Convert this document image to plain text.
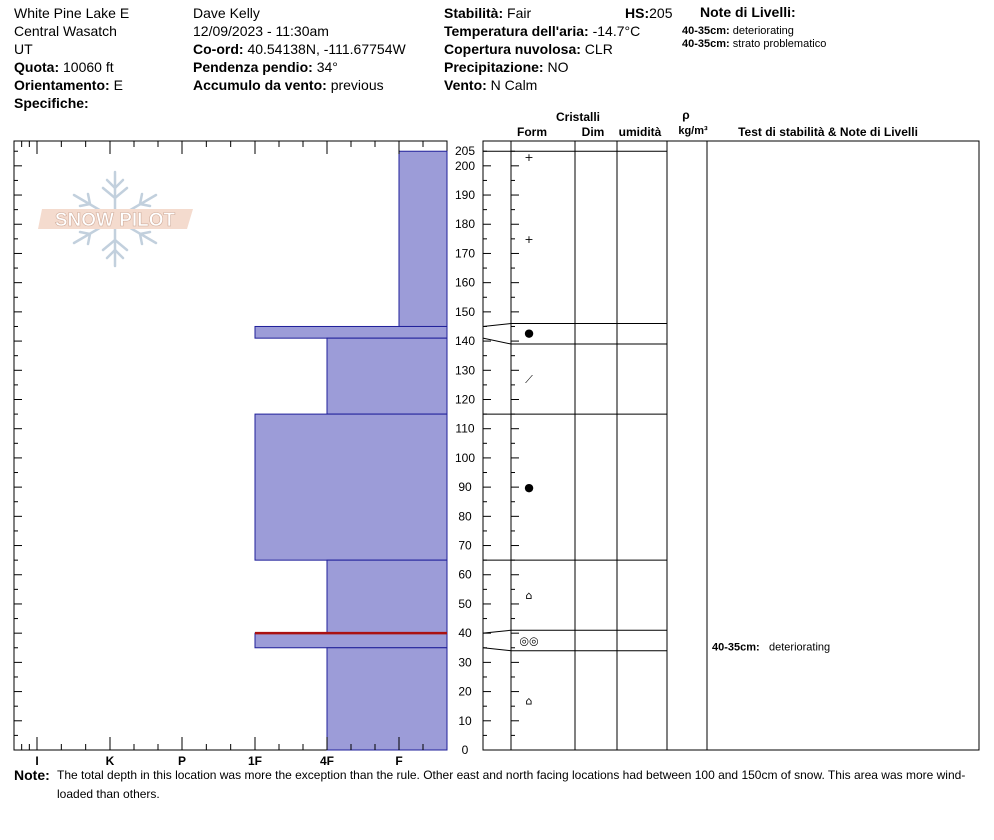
White Pine Lake E
Central Wasatch
UT
Quota: 10060 ft
Orientamento: E
Specifiche:
Dave Kelly
12/09/2023 - 11:30am
Co-ord: 40.54138N, -111.67754W
Pendenza pendio: 34°
Accumulo da vento: previous
Stabilità: Fair
Temperatura dell'aria: -14.7°C
Copertura nuvolosa: CLR
Precipitazione: NO
Vento: N Calm
HS:205 Note di Livelli:
40-35cm: deteriorating
40-35cm: strato problematico
SNOW PILOT
I	K	P	1F	4F	F
0
10
20
30
40
50
60
70
80
90
100
110
120
130
140
150
160
170
180
190
200
205
Cristalli
Form	Dim umidità
ρ
kg/m³	Test di stabilità & Note di Livelli
+
+
●
⟋
●
⌂
◎◎
⌂
40-35cm: deteriorating
Note: The total depth in this location was more the exception than the rule. Other east and north facing locations had between 100 and 150cm of snow. This area was more wind-loaded than others.
